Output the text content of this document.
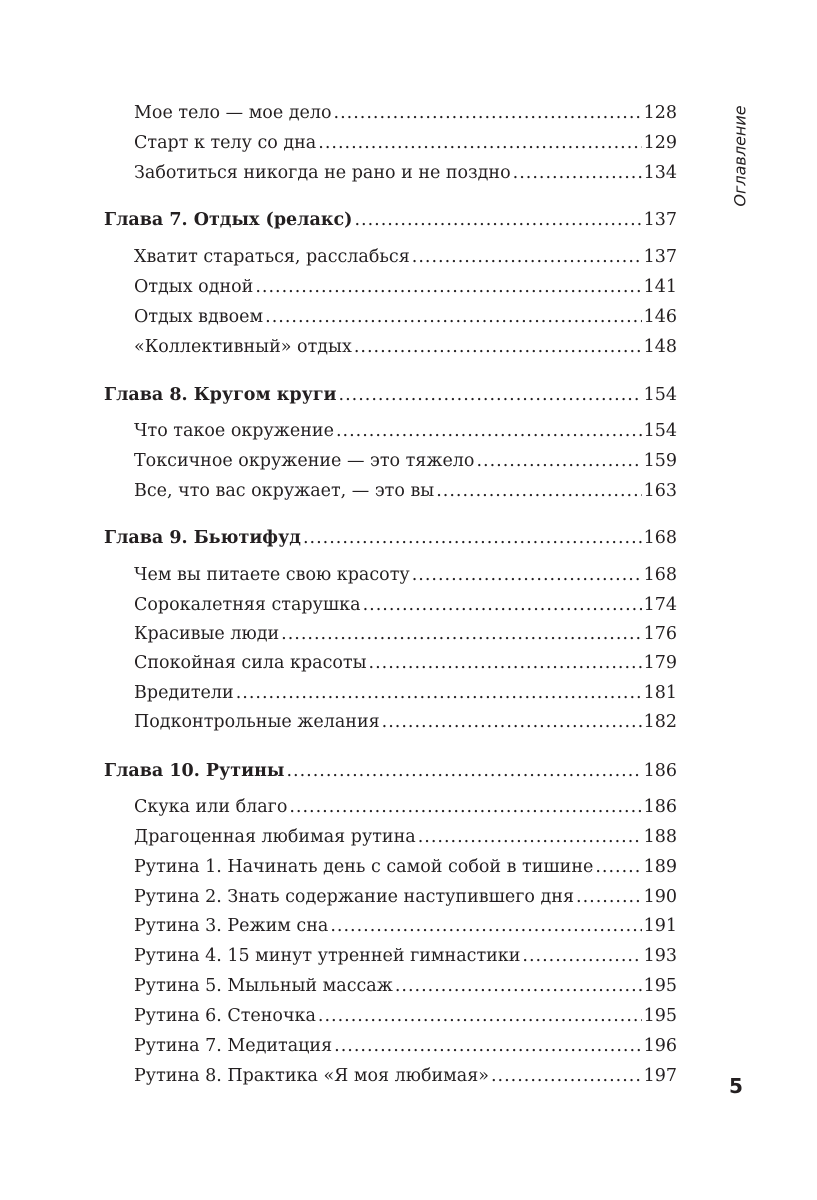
Мое тело — мое дело .....	128
Старт к телу со дна .....	129
Заботиться никогда не рано и не поздно .....	134
Глава 7. Отдых (релакс) .....	137
Хватит стараться, расслабься .....	137
Отдых одной .....	141
Отдых вдвоем .....	146
«Коллективный» отдых .....	148
Глава 8. Кругом круги .....	154
Что такое окружение .....	154
Токсичное окружение — это тяжело .....	159
Все, что вас окружает, — это вы .....	163
Глава 9. Бьютифуд .....	168
Чем вы питаете свою красоту .....	168
Сорокалетняя старушка .....	174
Красивые люди .....	176
Спокойная сила красоты .....	179
Вредители .....	181
Подконтрольные желания .....	182
Глава 10. Рутины .....	186
Скука или благо .....	186
Драгоценная любимая рутина .....	188
Рутина 1. Начинать день с самой собой в тишине .....	189
Рутина 2. Знать содержание наступившего дня .....	190
Рутина 3. Режим сна .....	191
Рутина 4. 15 минут утренней гимнастики .....	193
Рутина 5. Мыльный массаж .....	195
Рутина 6. Стеночка .....	195
Рутина 7. Медитация .....	196
Рутина 8. Практика «Я моя любимая» .....	197
Оглавление
5
